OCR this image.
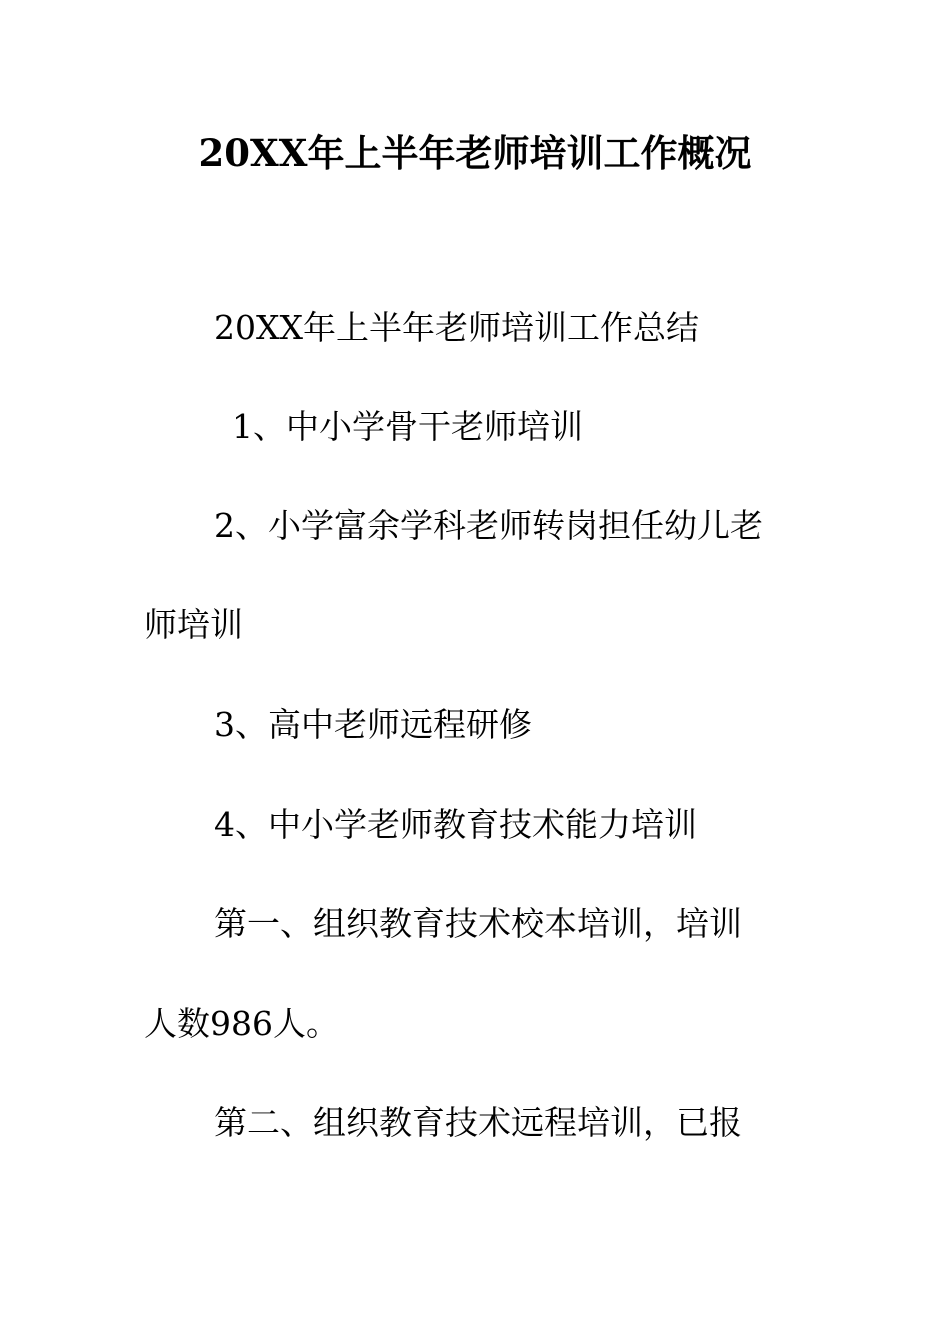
20XX年上半年老师培训工作概况
20XX年上半年老师培训工作总结
1、中小学骨干老师培训
2、小学富余学科老师转岗担任幼儿老
师培训
3、高中老师远程研修
4、中小学老师教育技术能力培训
第一、组织教育技术校本培训，培训
人数986人。
第二、组织教育技术远程培训，已报
